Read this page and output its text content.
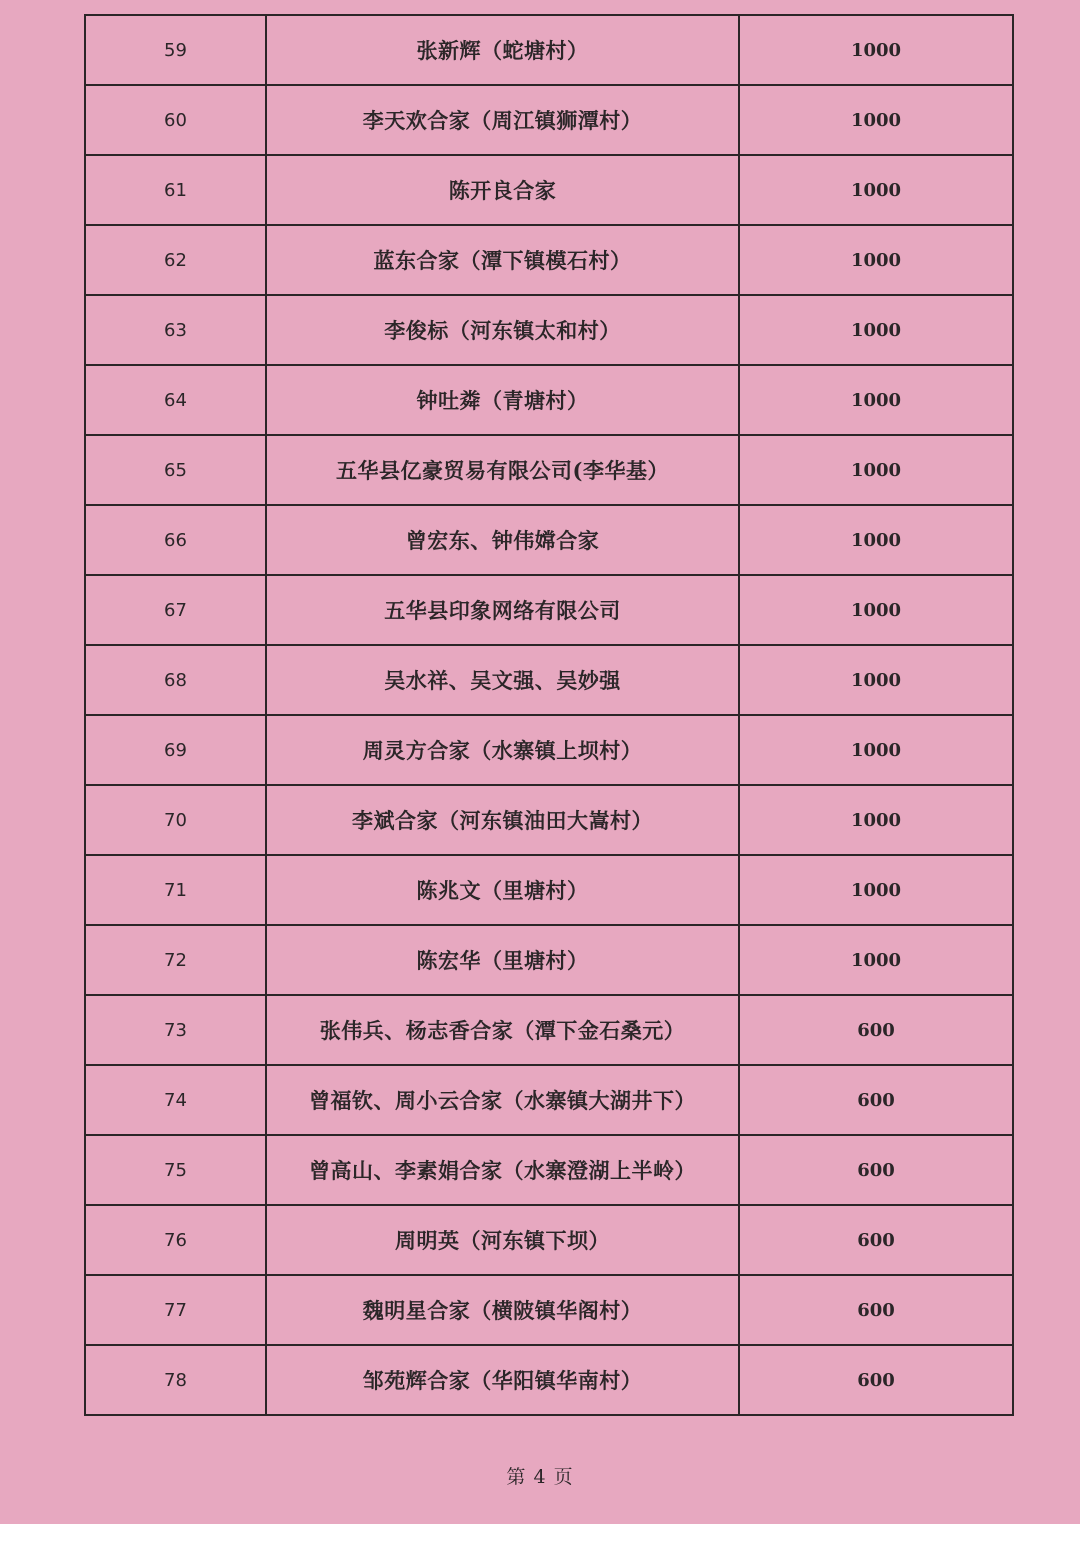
59	张新辉（蛇塘村）	1000
60	李天欢合家（周江镇狮潭村）	1000
61	陈开良合家	1000
62	蓝东合家（潭下镇模石村）	1000
63	李俊标（河东镇太和村）	1000
64	钟吐粦（青塘村）	1000
65	五华县亿豪贸易有限公司(李华基）	1000
66	曾宏东、钟伟嫦合家	1000
67	五华县印象网络有限公司	1000
68	吴水祥、吴文强、吴妙强	1000
69	周灵方合家（水寨镇上坝村）	1000
70	李斌合家（河东镇油田大嵩村）	1000
71	陈兆文（里塘村）	1000
72	陈宏华（里塘村）	1000
73	张伟兵、杨志香合家（潭下金石桑元）	600
74	曾福钦、周小云合家（水寨镇大湖井下）	600
75	曾高山、李素娟合家（水寨澄湖上半岭）	600
76	周明英（河东镇下坝）	600
77	魏明星合家（横陂镇华阁村）	600
78	邹苑辉合家（华阳镇华南村）	600
第 4 页
